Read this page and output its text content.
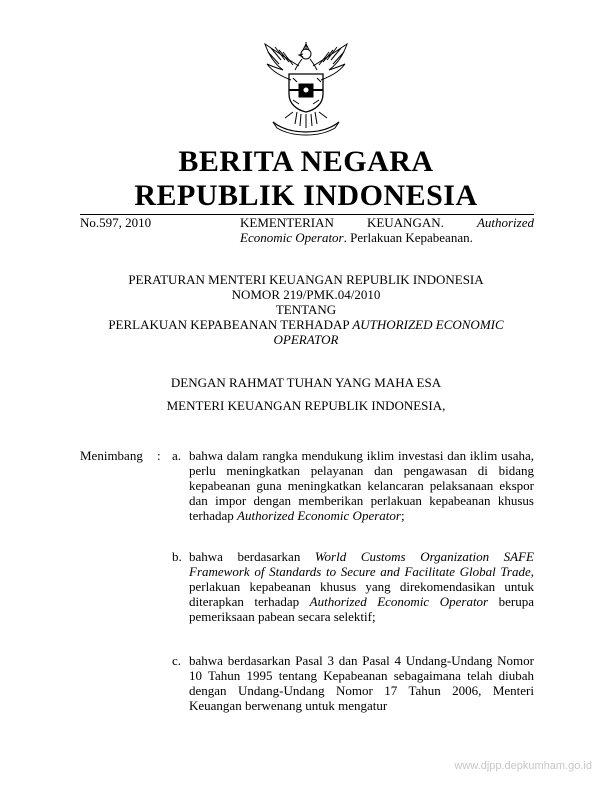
BERITA NEGARA
REPUBLIK INDONESIA
No.597, 2010	KEMENTERIAN KEUANGAN.	Authorized
Economic Operator. Perlakuan Kepabeanan.
PERATURAN MENTERI KEUANGAN REPUBLIK INDONESIA
NOMOR 219/PMK.04/2010
TENTANG
PERLAKUAN KEPABEANAN TERHADAP AUTHORIZED ECONOMIC
OPERATOR
DENGAN RAHMAT TUHAN YANG MAHA ESA
MENTERI KEUANGAN REPUBLIK INDONESIA,
Menimbang : a. bahwa dalam rangka mendukung iklim investasi dan iklim usaha, perlu meningkatkan pelayanan dan pengawasan di bidang kepabeanan guna meningkatkan kelancaran pelaksanaan ekspor dan impor dengan memberikan perlakuan kepabeanan khusus terhadap Authorized Economic Operator;
b. bahwa berdasarkan World Customs Organization SAFE Framework of Standards to Secure and Facilitate Global Trade, perlakuan kepabeanan khusus yang direkomendasikan untuk diterapkan terhadap Authorized Economic Operator berupa pemeriksaan pabean secara selektif;
c. bahwa berdasarkan Pasal 3 dan Pasal 4 Undang-Undang Nomor 10 Tahun 1995 tentang Kepabeanan sebagaimana telah diubah dengan Undang-Undang Nomor 17 Tahun 2006, Menteri Keuangan berwenang untuk mengatur
www.djpp.depkumham.go.id
